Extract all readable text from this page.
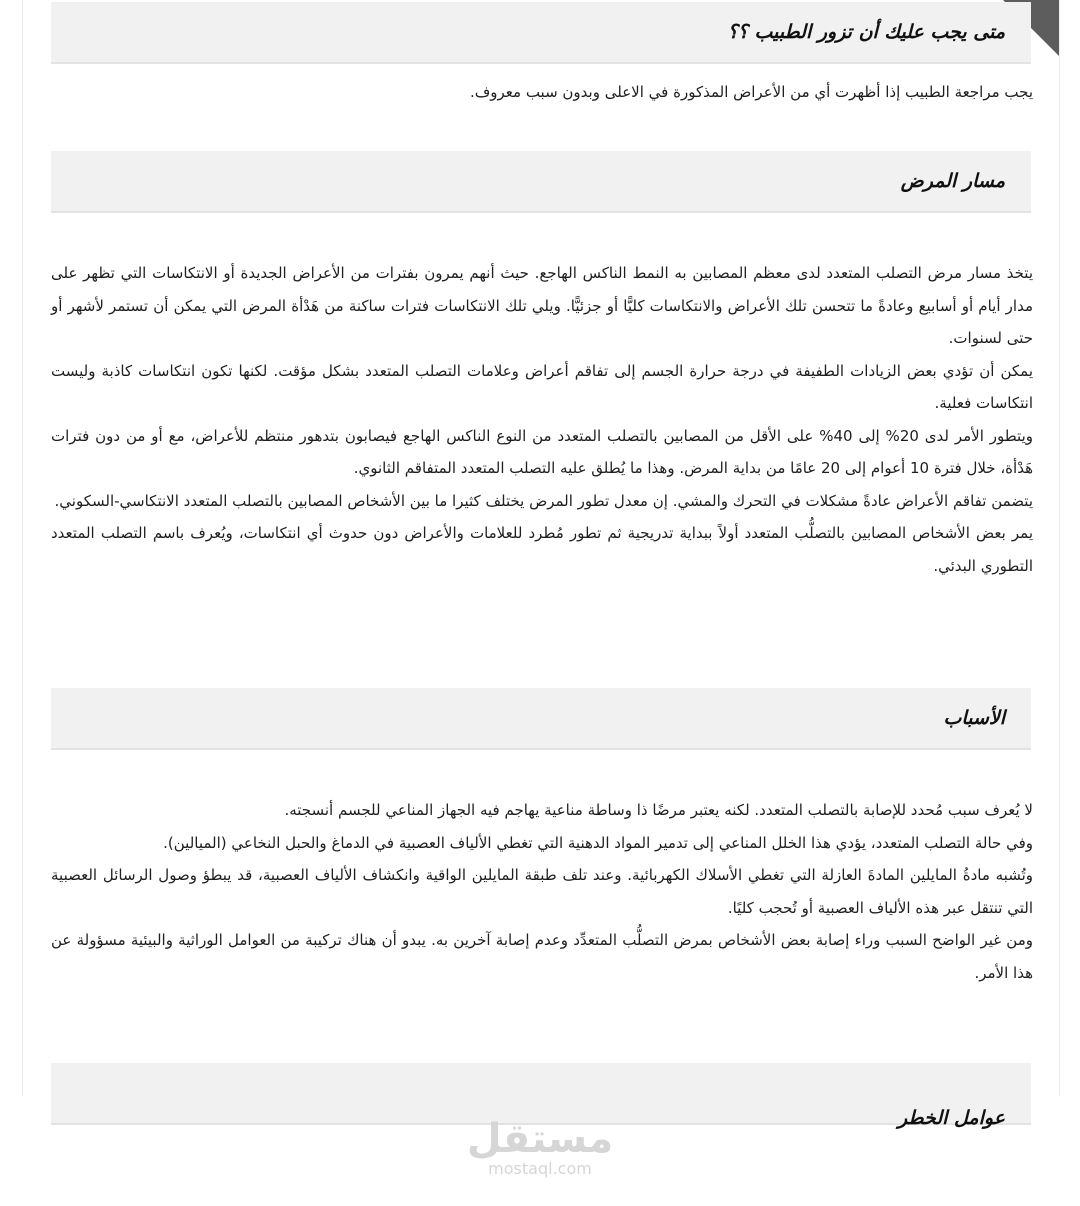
متى يجب عليك أن تزور الطبيب ؟؟
يجب مراجعة الطبيب إذا أظهرت أي من الأعراض المذكورة في الاعلى وبدون سبب معروف.
مسار المرض
يتخذ مسار مرض التصلب المتعدد لدى معظم المصابين به النمط الناكس الهاجع. حيث أنهم يمرون بفترات من الأعراض الجديدة أو الانتكاسات التي تظهر على مدار أيام أو أسابيع وعادةً ما تتحسن تلك الأعراض والانتكاسات كليًّا أو جزئيًّا. ويلي تلك الانتكاسات فترات ساكنة من هَدْأة المرض التي يمكن أن تستمر لأشهر أو حتى لسنوات.
يمكن أن تؤدي بعض الزيادات الطفيفة في درجة حرارة الجسم إلى تفاقم أعراض وعلامات التصلب المتعدد بشكل مؤقت. لكنها تكون انتكاسات كاذبة وليست انتكاسات فعلية.
ويتطور الأمر لدى 20% إلى 40% على الأقل من المصابين بالتصلب المتعدد من النوع الناكس الهاجع فيصابون بتدهور منتظم للأعراض، مع أو من دون فترات هَدْأة، خلال فترة 10 أعوام إلى 20 عامًا من بداية المرض. وهذا ما يُطلق عليه التصلب المتعدد المتفاقم الثانوي.
يتضمن تفاقم الأعراض عادةً مشكلات في التحرك والمشي. إن معدل تطور المرض يختلف كثيرا ما بين الأشخاص المصابين بالتصلب المتعدد الانتكاسي-السكوني.
يمر بعض الأشخاص المصابين بالتصلُّب المتعدد أولاً ببداية تدريجية ثم تطور مُطرد للعلامات والأعراض دون حدوث أي انتكاسات، ويُعرف باسم التصلب المتعدد التطوري البدئي.
الأسباب
لا يُعرف سبب مُحدد للإصابة بالتصلب المتعدد. لكنه يعتبر مرضًا ذا وساطة مناعية يهاجم فيه الجهاز المناعي للجسم أنسجته.
وفي حالة التصلب المتعدد، يؤدي هذا الخلل المناعي إلى تدمير المواد الدهنية التي تغطي الألياف العصبية في الدماغ والحبل النخاعي (الميالين).
وتُشبه مادةُ المايلين المادةَ العازلة التي تغطي الأسلاك الكهربائية. وعند تلف طبقة المايلين الواقية وانكشاف الألياف العصبية، قد يبطؤ وصول الرسائل العصبية التي تنتقل عبر هذه الألياف العصبية أو تُحجب كليًا.
ومن غير الواضح السبب وراء إصابة بعض الأشخاص بمرض التصلُّب المتعدِّد وعدم إصابة آخرين به. يبدو أن هناك تركيبة من العوامل الوراثية والبيئية مسؤولة عن هذا الأمر.
عوامل الخطر
مستقل
mostaql.com
